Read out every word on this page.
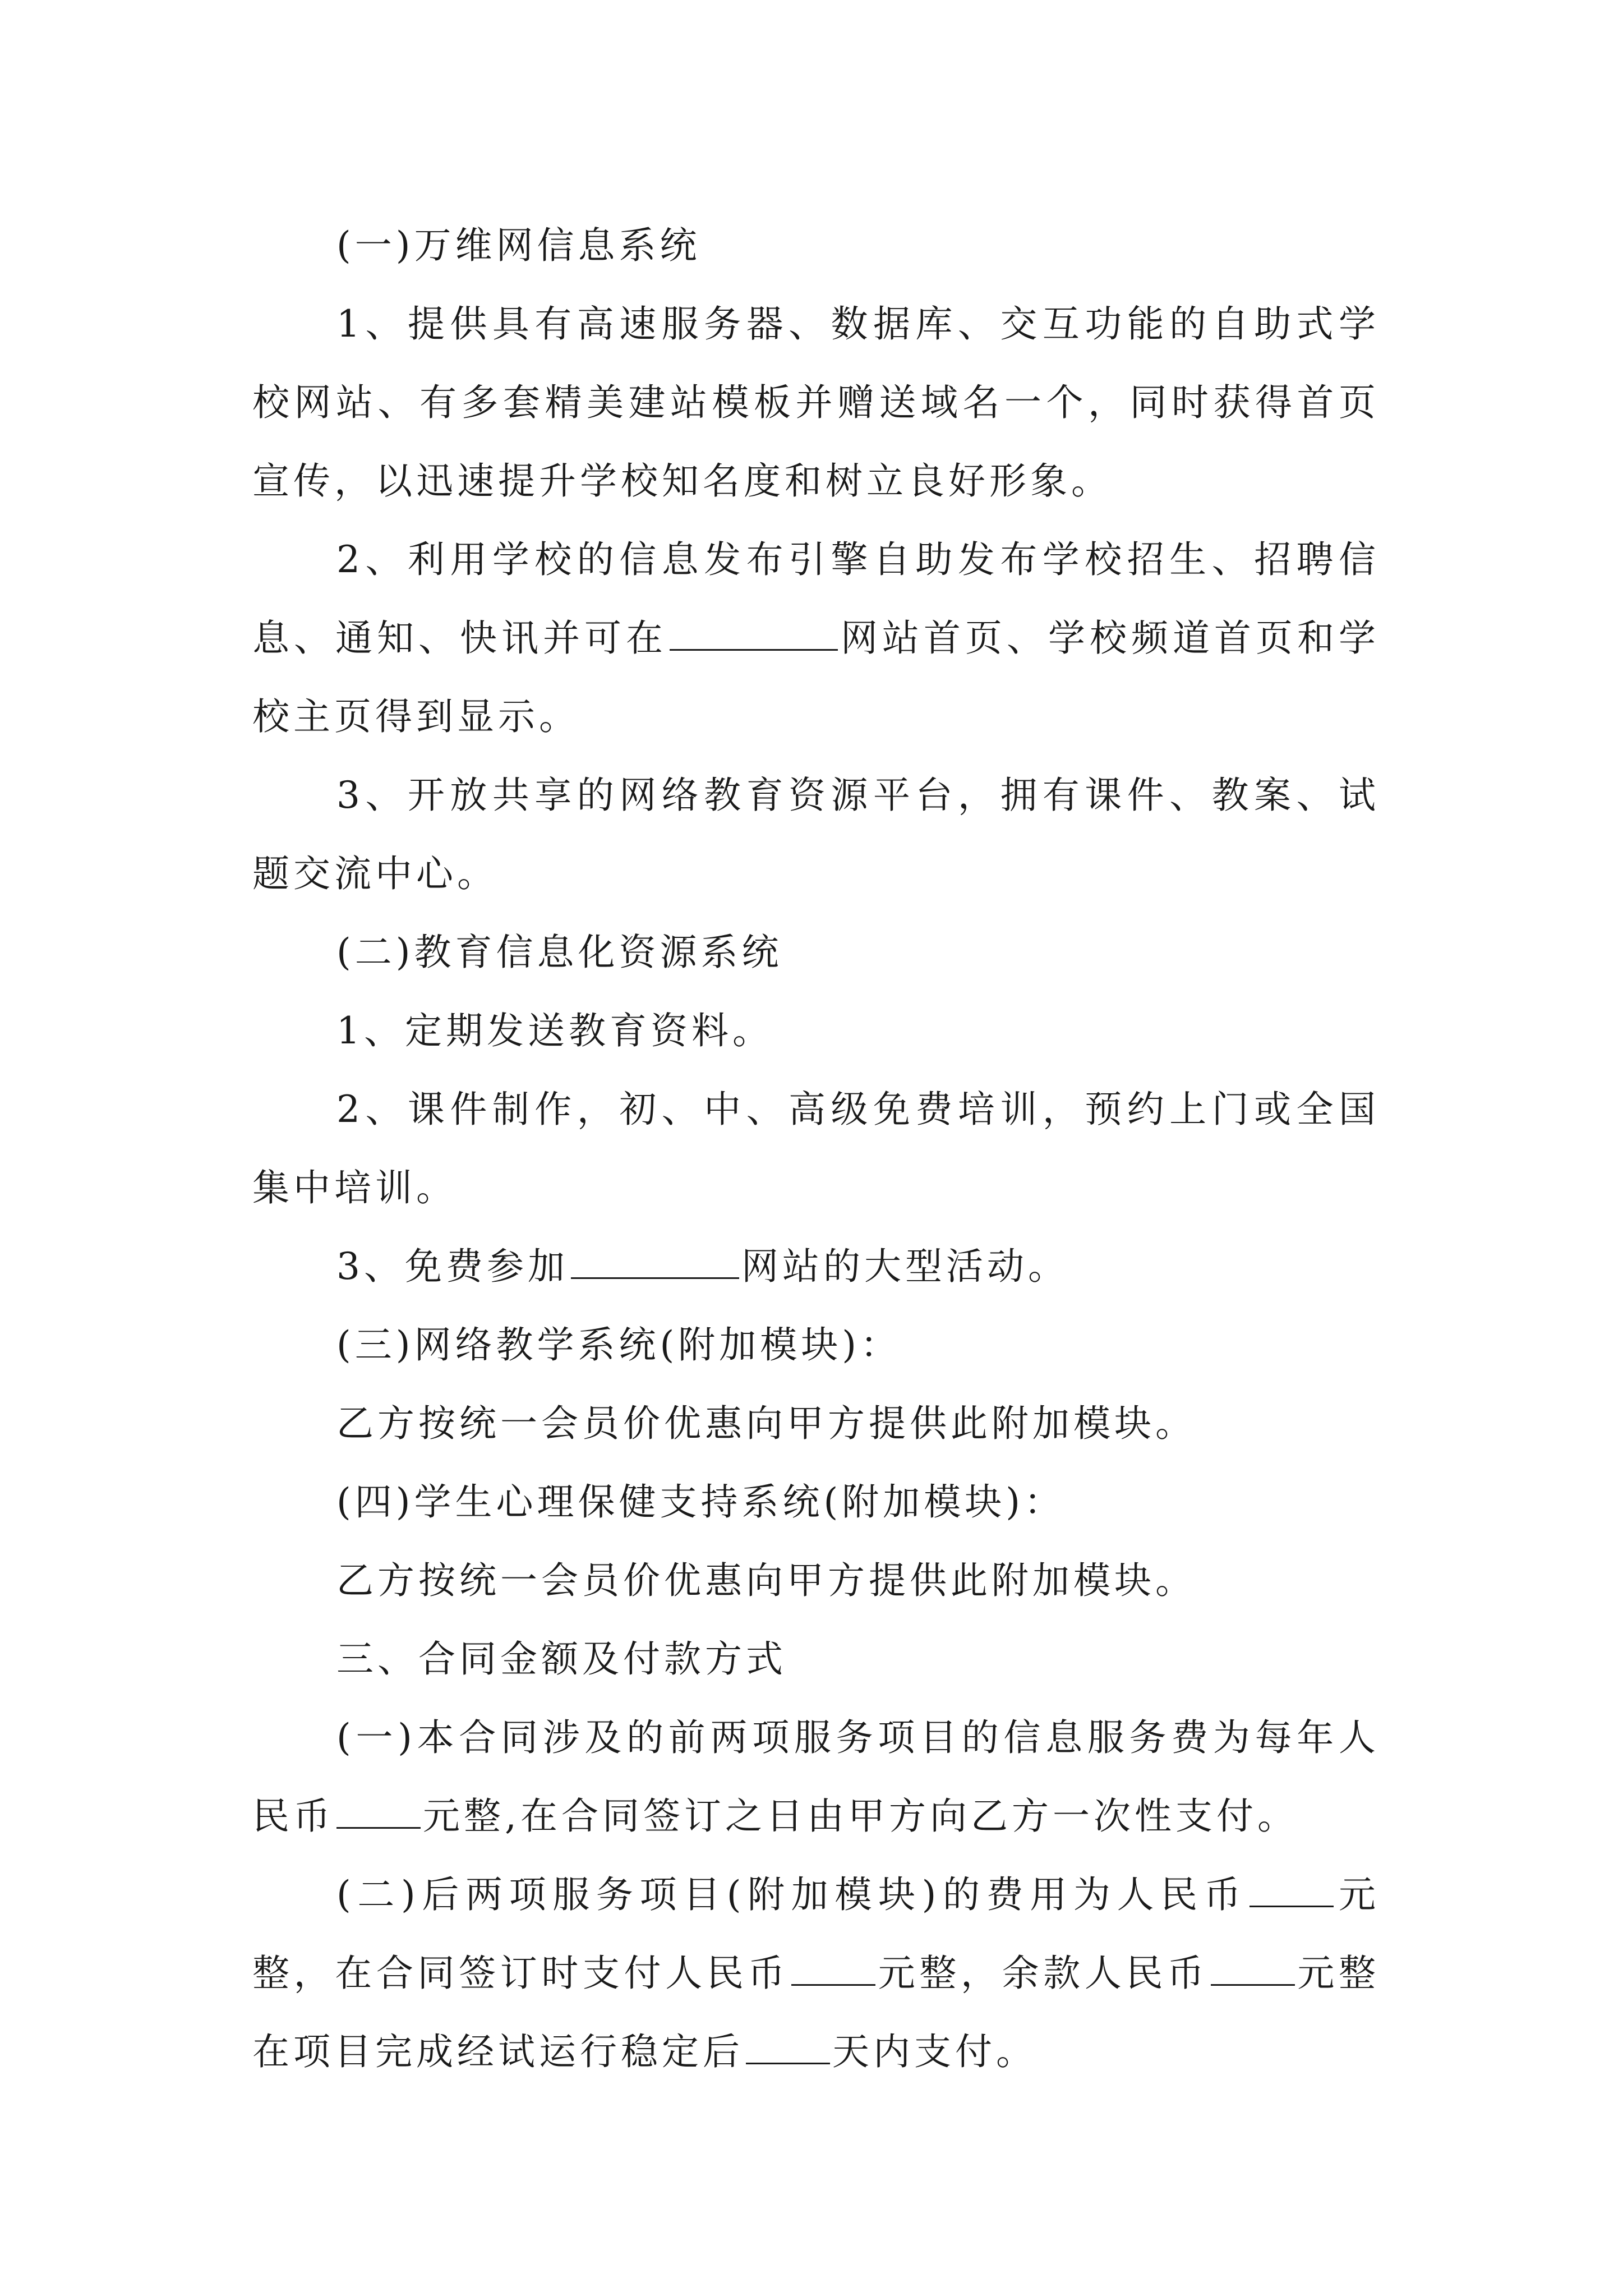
(一)万维网信息系统

1、提供具有高速服务器、数据库、交互功能的自助式学校网站、有多套精美建站模板并赠送域名一个，同时获得首页宣传，以迅速提升学校知名度和树立良好形象。

2、利用学校的信息发布引擎自助发布学校招生、招聘信息、通知、快讯并可在	网站首页、学校频道首页和学校主页得到显示。

3、开放共享的网络教育资源平台，拥有课件、教案、试题交流中心。

(二)教育信息化资源系统

1、定期发送教育资料。

2、课件制作，初、中、高级免费培训，预约上门或全国集中培训。

3、免费参加	网站的大型活动。

(三)网络教学系统(附加模块)：

乙方按统一会员价优惠向甲方提供此附加模块。

(四)学生心理保健支持系统(附加模块)：

乙方按统一会员价优惠向甲方提供此附加模块。

三、合同金额及付款方式

(一)本合同涉及的前两项服务项目的信息服务费为每年人民币 元整,在合同签订之日由甲方向乙方一次性支付。

(二)后两项服务项目(附加模块)的费用为人民币 元整，在合同签订时支付人民币 元整，余款人民币 元整在项目完成经试运行稳定后 天内支付。
